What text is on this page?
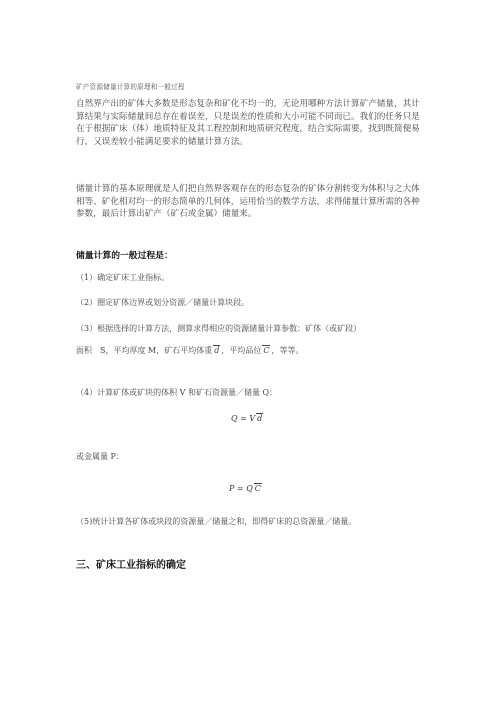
矿产资源储量计算的原理和一般过程

自然界产出的矿体大多数是形态复杂和矿化不均一的，无论用哪种方法计算矿产储量，其计算结果与实际储量间总存在着误差，只是误差的性质和大小可能不同而已。我们的任务只是在于根据矿床（体）地质特征及其工程控制和地质研究程度，结合实际需要，找到既简便易行，又误差较小能满足要求的储量计算方法。

储量计算的基本原理就是人们把自然界客观存在的形态复杂的矿体分割转变为体积与之大体相等、矿化相对均一的形态简单的几何体，运用恰当的数学方法，求得储量计算所需的各种参数，最后计算出矿产（矿石或金属）储量来。

储量计算的一般过程是：
（1）确定矿床工业指标。
（2）圈定矿体边界或划分资源／储量计算块段。
（3）根据选择的计算方法，测算求得相应的资源储量计算参数：矿体（或矿段）
面积　S，平均厚度 M，矿石平均体重 d ，平均品位 C ，等等。
（4）计算矿体或矿块的体积 V 和矿石资源量／储量 Q：
Q = V d
或金属量 P：
P = Q C
（5)统计计算各矿体或块段的资源量／储量之和，即得矿床的总资源量／储量。
三、矿床工业指标的确定
